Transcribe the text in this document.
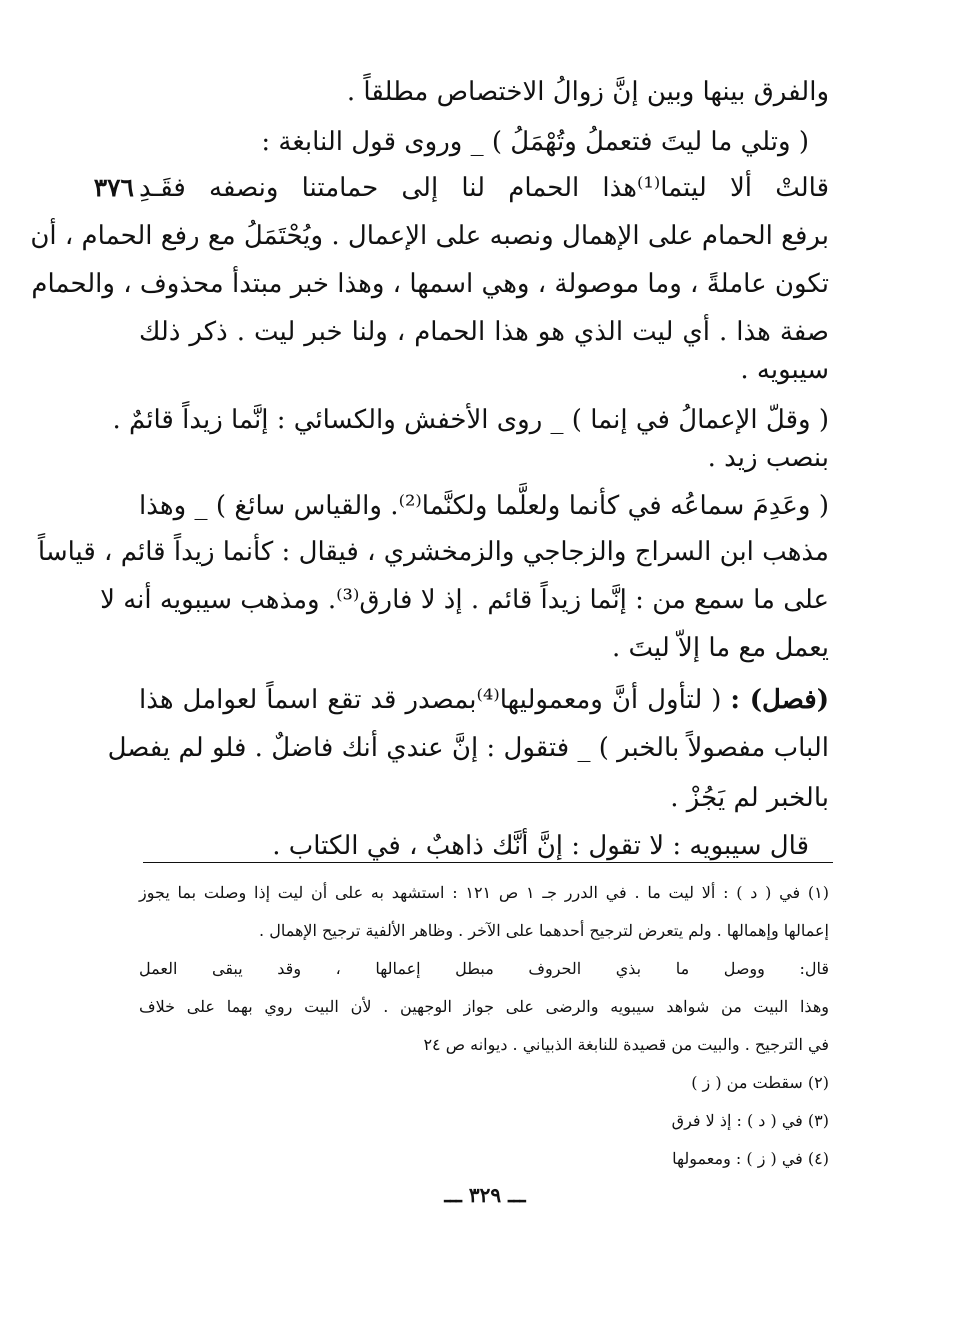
٣٧٦
والفرق بينها وبين إنَّ زوالُ الاختصاص مطلقاً .
( وتلي ما ليتَ فتعملُ وتُهْمَلُ ) _ وروى قول النابغة :
قالتْ ألا ليتما⁽¹⁾هذا الحمام لنا إلى حمامتنا ونصفه فقَـدِ
برفع الحمام على الإهمال ونصبه على الإعمال . ويُحْتَمَلُ مع رفع الحمام ، أن
تكون عاملةً ، وما موصولة ، وهي اسمها ، وهذا خبر مبتدأ محذوف ، والحمام
صفة هذا . أي ليت الذي هو هذا الحمام ، ولنا خبر ليت . ذكر ذلك
سيبويه .
( وقلّ الإعمالُ في إنما ) _ روى الأخفش والكسائي : إنَّما زيداً قائمٌ .
بنصب زيد .
( وعَدِمَ سماعُه في كأنما ولعلَّما ولكنَّما⁽²⁾. والقياس سائغ ) _ وهذا
مذهب ابن السراج والزجاجي والزمخشري ، فيقال : كأنما زيداً قائم ، قياساً
على ما سمع من : إنَّما زيداً قائم . إذ لا فارق⁽³⁾. ومذهب سيبويه أنه لا
يعمل مع ما إلاّ ليتَ .
(فصل) : ( لتأول أنَّ ومعموليها⁽⁴⁾بمصدر قد تقع اسماً لعوامل هذا
الباب مفصولاً بالخبر ) _ فتقول : إنَّ عندي أنك فاضلٌ . فلو لم يفصل
بالخبر لم يَجُزْ .
قال سيبويه : لا تقول : إنَّ أنَّك ذاهبٌ ، في الكتاب .
(١) في ( د ) : ألا ليت ما . في الدرر جـ ١ ص ١٢١ : استشهد به على أن ليت إذا وصلت بما يجوز
إعمالها وإهمالها . ولم يتعرض لترجيح أحدهما على الآخر . وظاهر الألفية ترجيح الإهمال .
قال: ووصل ما بذي الحروف مبطل إعمالها ، وقد يبقى العمل
وهذا البيت من شواهد سيبويه والرضى على جواز الوجهين . لأن البيت روي بهما على خلاف
في الترجيح . والبيت من قصيدة للنابغة الذبياني . ديوانه ص ٢٤
(٢) سقطت من ( ز )
(٣) في ( د ) : إذ لا فرق
(٤) في ( ز ) : ومعمولها
ـــ ٣٢٩ ـــ
